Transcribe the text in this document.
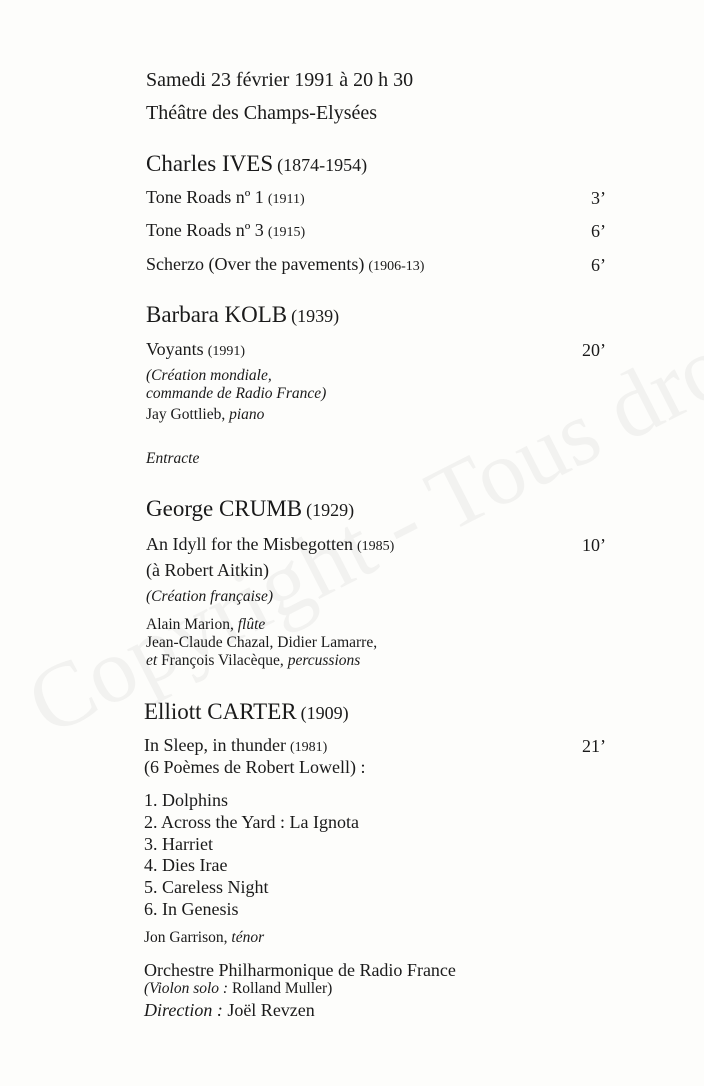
Samedi 23 février 1991 à 20 h 30
Théâtre des Champs-Elysées
Charles IVES (1874-1954)
Tone Roads nº 1 (1911)	3’
Tone Roads nº 3 (1915)	6’
Scherzo (Over the pavements) (1906-13)	6’
Barbara KOLB (1939)
Voyants (1991)	20’
(Création mondiale,
commande de Radio France)
Jay Gottlieb, piano
Entracte
George CRUMB (1929)
An Idyll for the Misbegotten (1985)	10’
(à Robert Aitkin)
(Création française)
Alain Marion, flûte
Jean-Claude Chazal, Didier Lamarre,
et François Vilacèque, percussions
Elliott CARTER (1909)
In Sleep, in thunder (1981)	21’
(6 Poèmes de Robert Lowell) :
1. Dolphins
2. Across the Yard : La Ignota
3. Harriet
4. Dies Irae
5. Careless Night
6. In Genesis
Jon Garrison, ténor
Orchestre Philharmonique de Radio France
(Violon solo : Rolland Muller)
Direction : Joël Revzen
